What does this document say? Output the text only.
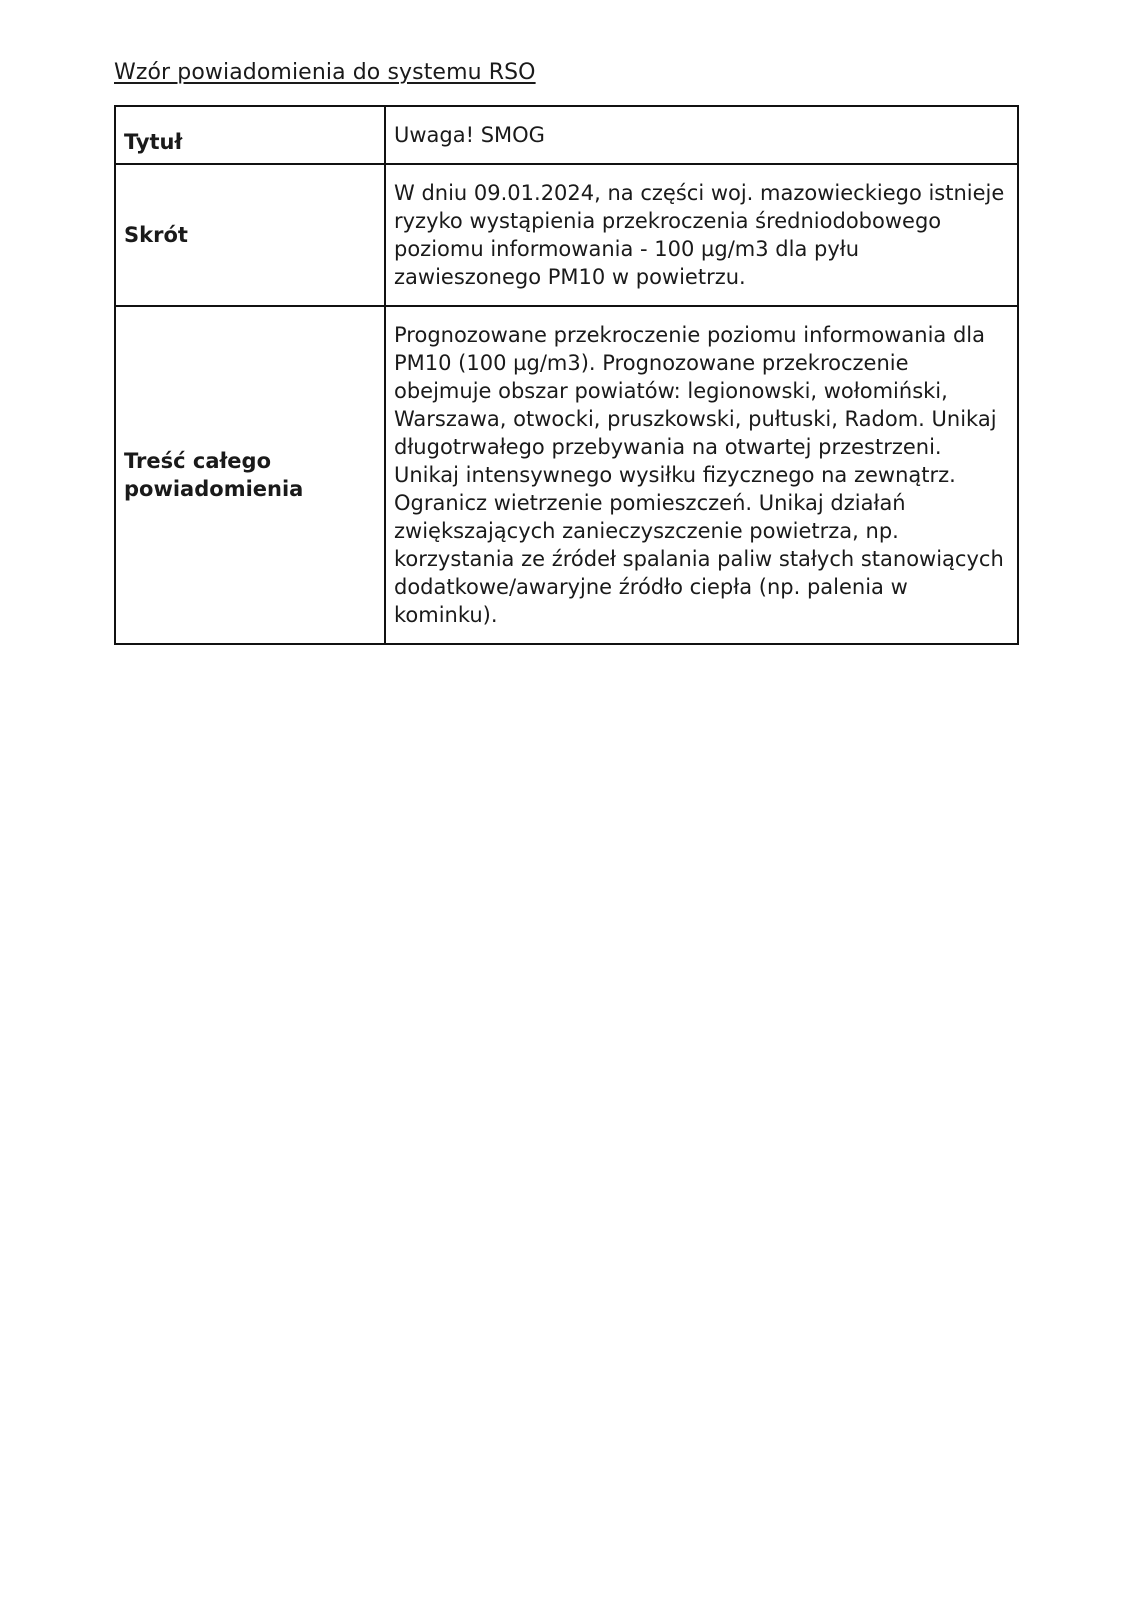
Wzór powiadomienia do systemu RSO
Tytuł	Uwaga! SMOG
Skrót	W dniu 09.01.2024, na części woj. mazowieckiego istnieje ryzyko wystąpienia przekroczenia średniodobowego poziomu informowania - 100 µg/m3 dla pyłu zawieszonego PM10 w powietrzu.
Treść całego powiadomienia	Prognozowane przekroczenie poziomu informowania dla PM10 (100 µg/m3). Prognozowane przekroczenie obejmuje obszar powiatów: legionowski, wołomiński, Warszawa, otwocki, pruszkowski, pułtuski, Radom. Unikaj długotrwałego przebywania na otwartej przestrzeni. Unikaj intensywnego wysiłku fizycznego na zewnątrz. Ogranicz wietrzenie pomieszczeń. Unikaj działań zwiększających zanieczyszczenie powietrza, np. korzystania ze źródeł spalania paliw stałych stanowiących dodatkowe/awaryjne źródło ciepła (np. palenia w kominku).
